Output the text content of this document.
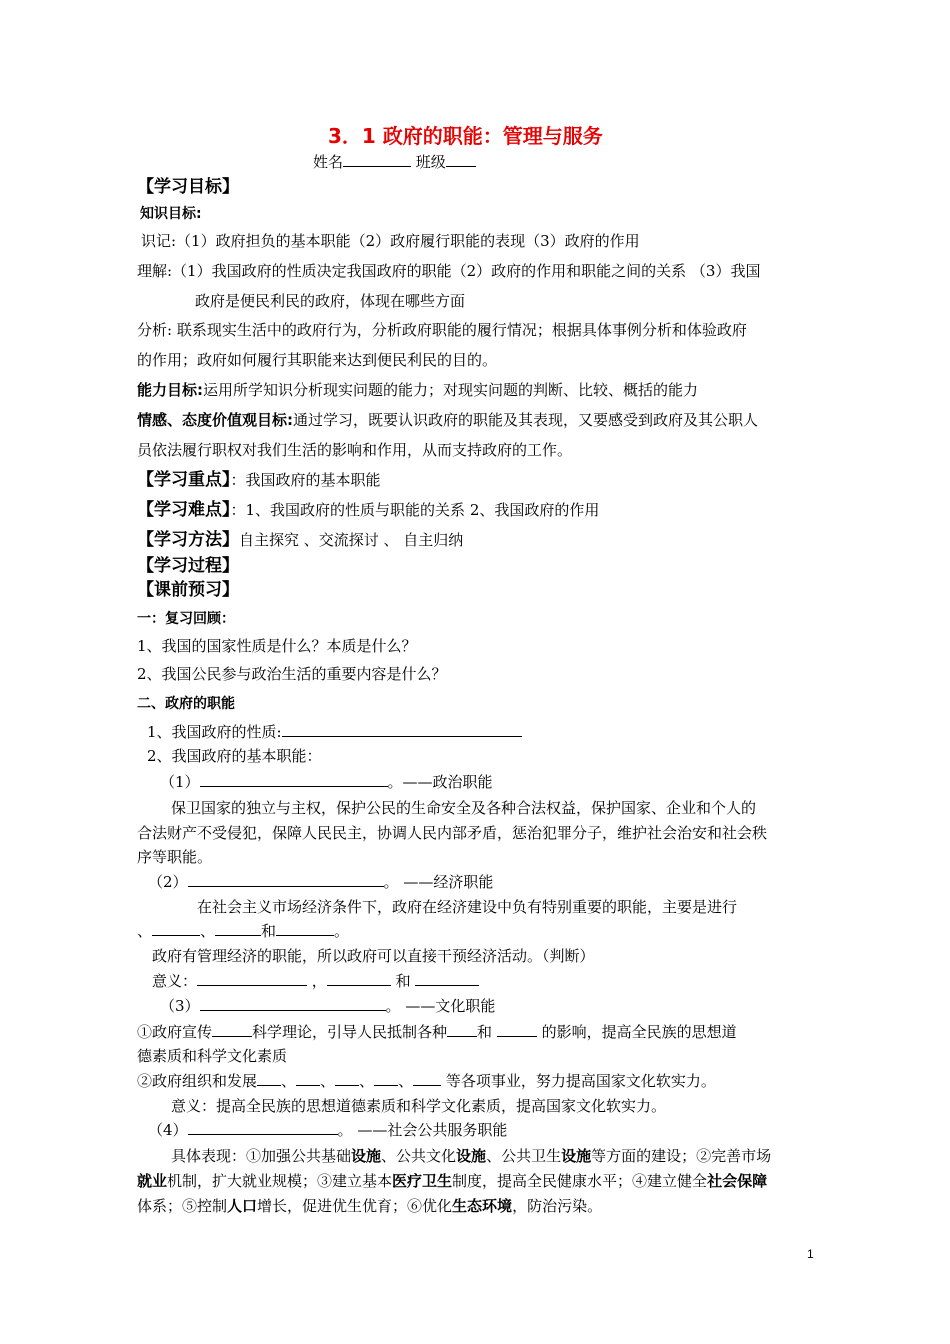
3．1 政府的职能：管理与服务
姓名	班级
【学习目标】
知识目标:
识记:（1）政府担负的基本职能（2）政府履行职能的表现（3）政府的作用
理解:（1）我国政府的性质决定我国政府的职能（2）政府的作用和职能之间的关系 （3）我国
政府是便民利民的政府，体现在哪些方面
分析: 联系现实生活中的政府行为，分析政府职能的履行情况；根据具体事例分析和体验政府
的作用；政府如何履行其职能来达到便民利民的目的。
能力目标:运用所学知识分析现实问题的能力；对现实问题的判断、比较、概括的能力
情感、态度价值观目标:通过学习，既要认识政府的职能及其表现，又要感受到政府及其公职人
员依法履行职权对我们生活的影响和作用，从而支持政府的工作。
【学习重点】：我国政府的基本职能
【学习难点】：1、我国政府的性质与职能的关系 2、我国政府的作用
【学习方法】自主探究 、交流探讨 、 自主归纳
【学习过程】
【课前预习】
一：复习回顾：
1、我国的国家性质是什么？本质是什么？
2、我国公民参与政治生活的重要内容是什么？
二、政府的职能
1、我国政府的性质:
2、我国政府的基本职能：
（1）	。——政治职能
保卫国家的独立与主权，保护公民的生命安全及各种合法权益，保护国家、企业和个人的
合法财产不受侵犯，保障人民民主，协调人民内部矛盾，惩治犯罪分子，维护社会治安和社会秩
序等职能。
（2）	。 ——经济职能
在社会主义市场经济条件下，政府在经济建设中负有特别重要的职能，主要是进行
、	、	和	。
政府有管理经济的职能，所以政府可以直接干预经济活动。（判断）
意义：	，	和
（3）	。 ——文化职能
①政府宣传	科学理论，引导人民抵制各种 和	的影响，提高全民族的思想道
德素质和科学文化素质
②政府组织和发展 、 、 、 、 等各项事业，努力提高国家文化软实力。
意义：提高全民族的思想道德素质和科学文化素质，提高国家文化软实力。
（4）	。 ——社会公共服务职能
具体表现：①加强公共基础设施、公共文化设施、公共卫生设施等方面的建设；②完善市场
就业机制，扩大就业规模；③建立基本医疗卫生制度，提高全民健康水平；④建立健全社会保障
体系；⑤控制人口增长，促进优生优育；⑥优化生态环境，防治污染。
1
